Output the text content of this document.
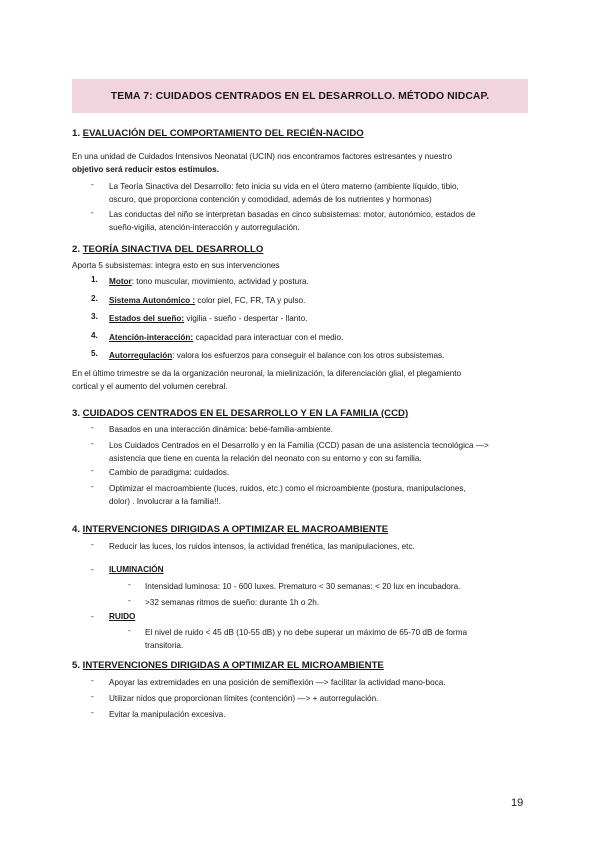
TEMA 7: CUIDADOS CENTRADOS EN EL DESARROLLO. MÉTODO NIDCAP.
1. EVALUACIÓN DEL COMPORTAMIENTO DEL RECIÉN-NACIDO
En una unidad de Cuidados Intensivos Neonatal (UCIN) nos encontramos factores estresantes y nuestro
objetivo será reducir estos estímulos.
- La Teoría Sinactiva del Desarrollo: feto inicia su vida en el útero materno (ambiente líquido, tibio,
oscuro, que proporciona contención y comodidad, además de los nutrientes y hormonas)
- Las conductas del niño se interpretan basadas en cinco subsistemas: motor, autonómico, estados de
sueño-vigilia, atención-interacción y autorregulación.
2. TEORÍA SINACTIVA DEL DESARROLLO
Aporta 5 subsistemas: integra esto en sus intervenciones
1. Motor: tono muscular, movimiento, actividad y postura.
2. Sistema Autonómico : color piel, FC, FR, TA y pulso.
3. Estados del sueño: vigilia - sueño - despertar - llanto.
4. Atención-interacción: capacidad para interactuar con el medio.
5. Autorregulación: valora los esfuerzos para conseguir el balance con los otros subsistemas.
En el último trimestre se da la organización neuronal, la mielinización, la diferenciación glial, el plegamiento
cortical y el aumento del volumen cerebral.
3. CUIDADOS CENTRADOS EN EL DESARROLLO Y EN LA FAMILIA (CCD)
- Basados en una interacción dinámica: bebé-familia-ambiente.
- Los Cuidados Centrados en el Desarrollo y en la Familia (CCD) pasan de una asistencia tecnológica —>
asistencia que tiene en cuenta la relación del neonato con su entorno y con su familia.
- Cambio de paradigma: cuidados.
- Optimizar el macroambiente (luces, ruidos, etc.) como el microambiente (postura, manipulaciones,
dolor) . Involucrar a la familia!!.
4. INTERVENCIONES DIRIGIDAS A OPTIMIZAR EL MACROAMBIENTE
- Reducir las luces, los ruidos intensos, la actividad frenética, las manipulaciones, etc.
- ILUMINACIÓN
- Intensidad luminosa: 10 - 600 luxes. Prematuro < 30 semanas: < 20 lux en incubadora.
- >32 semanas ritmos de sueño: durante 1h o 2h.
- RUIDO
- El nivel de ruido < 45 dB (10-55 dB) y no debe superar un máximo de 65-70 dB de forma
transitoria.
5. INTERVENCIONES DIRIGIDAS A OPTIMIZAR EL MICROAMBIENTE
- Apoyar las extremidades en una posición de semiflexión —> facilitar la actividad mano-boca.
- Utilizar nidos que proporcionan límites (contención) —> + autorregulación.
- Evitar la manipulación excesiva.
19
